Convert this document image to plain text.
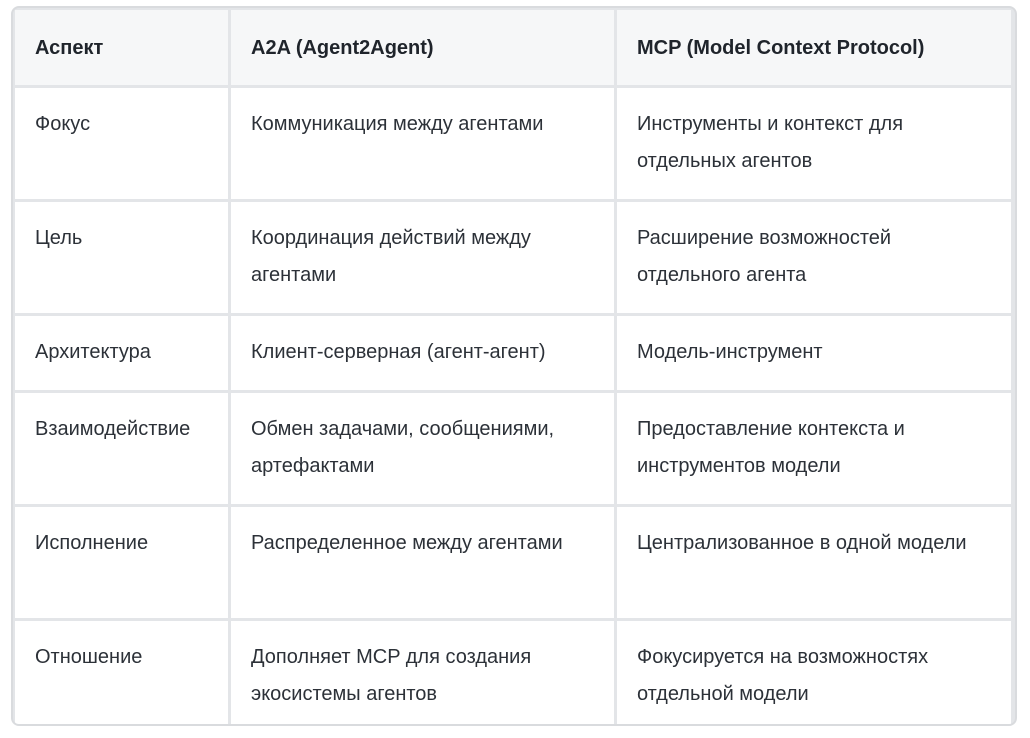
Аспект	A2A (Agent2Agent)	MCP (Model Context Protocol)
Фокус	Коммуникация между агентами	Инструменты и контекст для отдельных агентов
Цель	Координация действий между агентами	Расширение возможностей отдельного агента
Архитектура	Клиент-серверная (агент-агент)	Модель-инструмент
Взаимодействие	Обмен задачами, сообщениями, артефактами	Предоставление контекста и инструментов модели
Исполнение	Распределенное между агентами	Централизованное в одной модели
Отношение	Дополняет MCP для создания экосистемы агентов	Фокусируется на возможностях отдельной модели
